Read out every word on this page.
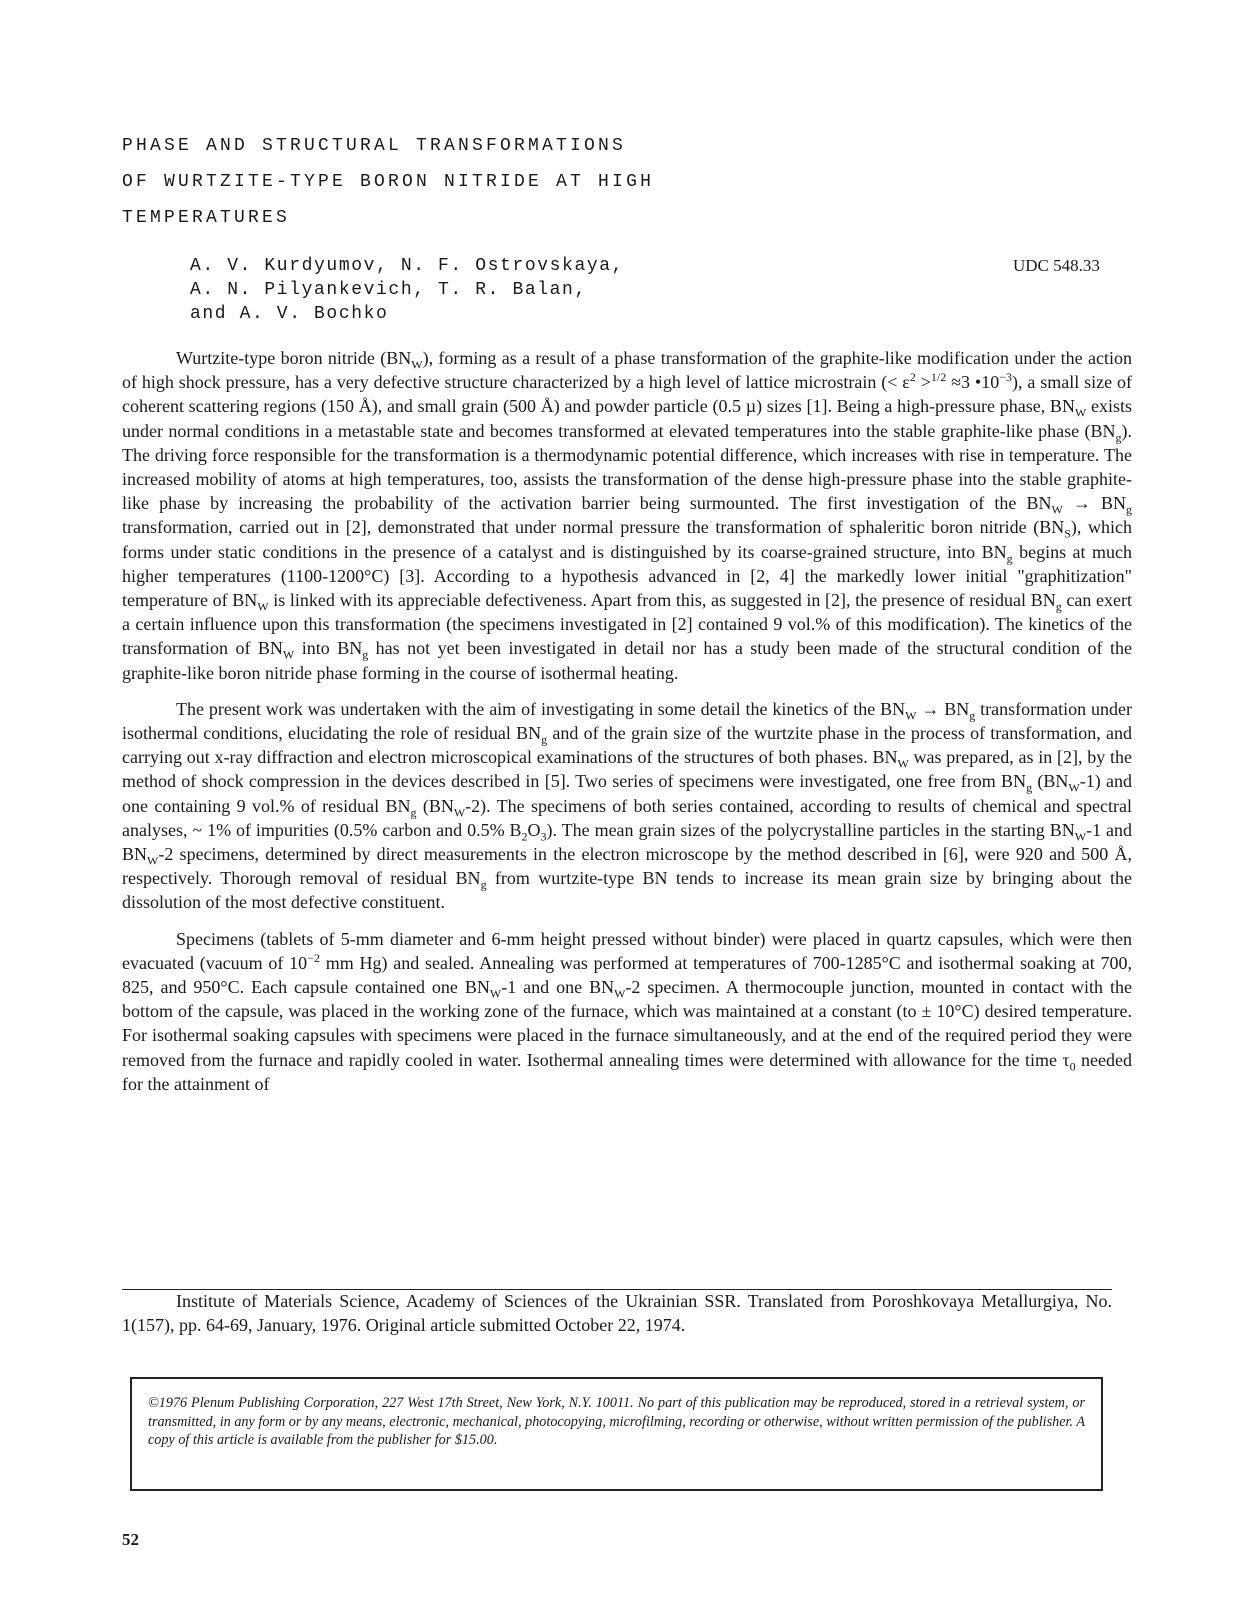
PHASE AND STRUCTURAL TRANSFORMATIONS
OF WURTZITE-TYPE BORON NITRIDE AT HIGH
TEMPERATURES
A. V. Kurdyumov, N. F. Ostrovskaya,
A. N. Pilyankevich, T. R. Balan,
and A. V. Bochko
UDC 548.33

Wurtzite-type boron nitride $(BN_W)$, forming as a result of a phase transformation of the graphite-like modification under the action of high shock pressure, has a very defective structure characterized by a high level of lattice microstrain (< $\varepsilon^2 >^{1/2} \approx 3$ $•10^{-3}$), a small size of coherent scattering regions (150 Å), and small grain (500 Å) and powder particle (0.5 µ) sizes [1]. Being a high-pressure phase, $BN_W$ exists under normal conditions in a metastable state and becomes transformed at elevated temperatures into the stable graphite-like phase $(BN_g)$. The driving force responsible for the transformation is a thermodynamic potential difference, which increases with rise in temperature. The increased mobility of atoms at high temperatures, too, assists the transformation of the dense high-pressure phase into the stable graphite-like phase by increasing the probability of the activation barrier being surmounted. The first investigation of the $BN_W \to BN_g$ transformation, carried out in [2], demonstrated that under normal pressure the transformation of sphaleritic boron nitride $(BN_S)$, which forms under static conditions in the presence of a catalyst and is distinguished by its coarse-grained structure, into $BN_g$ begins at much higher temperatures (1100-1200°C) [3]. According to a hypothesis advanced in [2, 4] the markedly lower initial "graphitization" temperature of $BN_W$ is linked with its appreciable defectiveness. Apart from this, as suggested in [2], the presence of residual $BN_g$ can exert a certain influence upon this transformation (the specimens investigated in [2] contained 9 vol.% of this modification). The kinetics of the transformation of $BN_W$ into $BN_g$ has not yet been investigated in detail nor has a study been made of the structural condition of the graphite-like boron nitride phase forming in the course of isothermal heating.

The present work was undertaken with the aim of investigating in some detail the kinetics of the $BN_W \to BN_g$ transformation under isothermal conditions, elucidating the role of residual $BN_g$ and of the grain size of the wurtzite phase in the process of transformation, and carrying out x-ray diffraction and electron microscopical examinations of the structures of both phases. $BN_W$ was prepared, as in [2], by the method of shock compression in the devices described in [5]. Two series of specimens were investigated, one free from $BN_g$ $(BN_W-1)$ and one containing 9 vol.% of residual $BN_g$ $(BN_W-2)$. The specimens of both series contained, according to results of chemical and spectral analyses, ~ 1% of impurities (0.5% carbon and 0.5% $B_2O_3$). The mean grain sizes of the polycrystalline particles in the starting $BN_W-1$ and $BN_W-2$ specimens, determined by direct measurements in the electron microscope by the method described in [6], were 920 and 500 Å, respectively. Thorough removal of residual $BN_g$ from wurtzite-type BN tends to increase its mean grain size by bringing about the dissolution of the most defective constituent.

Specimens (tablets of 5-mm diameter and 6-mm height pressed without binder) were placed in quartz capsules, which were then evacuated (vacuum of $10^{-2}$ mm Hg) and sealed. Annealing was performed at temperatures of 700-1285°C and isothermal soaking at 700, 825, and 950°C. Each capsule contained one $BN_W-1$ and one $BN_W-2$ specimen. A thermocouple junction, mounted in contact with the bottom of the capsule, was placed in the working zone of the furnace, which was maintained at a constant (to ± 10°C) desired temperature. For isothermal soaking capsules with specimens were placed in the furnace simultaneously, and at the end of the required period they were removed from the furnace and rapidly cooled in water. Isothermal annealing times were determined with allowance for the time $\tau_0$ needed for the attainment of

Institute of Materials Science, Academy of Sciences of the Ukrainian SSR. Translated from Poroshkovaya Metallurgiya, No. 1(157), pp. 64-69, January, 1976. Original article submitted October 22, 1974.

©1976 Plenum Publishing Corporation, 227 West 17th Street, New York, N.Y. 10011. No part of this publication may be reproduced, stored in a retrieval system, or transmitted, in any form or by any means, electronic, mechanical, photocopying, microfilming, recording or otherwise, without written permission of the publisher. A copy of this article is available from the publisher for $15.00.
52
